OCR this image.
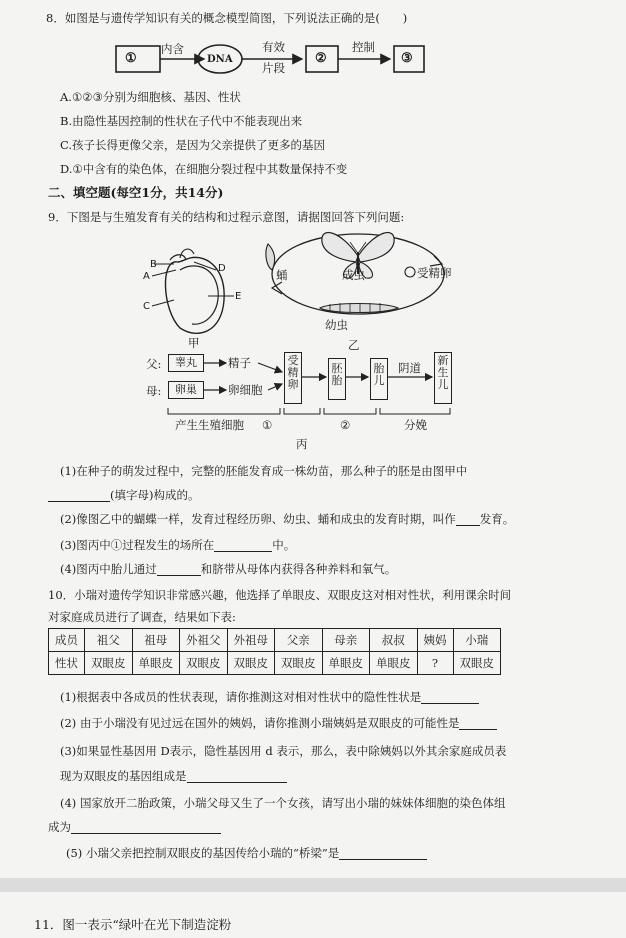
8．如图是与遗传学知识有关的概念模型简图，下列说法正确的是(　　)
①
内含
DNA
有效
片段
②
控制
③
A.①②③分别为细胞核、基因、性状
B.由隐性基因控制的性状在子代中不能表现出来
C.孩子长得更像父亲，是因为父亲提供了更多的基因
D.①中含有的染色体，在细胞分裂过程中其数量保持不变
二、填空题(每空1分，共14分)
9．下图是与生殖发育有关的结构和过程示意图，请据图回答下列问题:
B
A
C
D
E
甲
蛹	成虫	受精卵
幼虫
乙
父:
母:
睾丸
卵巢
精子
卵细胞
受精卵
胚胎
胎儿
阴道
新生儿
产生生殖细胞 ①	②	分娩
丙
(1)在种子的萌发过程中，完整的胚能发育成一株幼苗，那么种子的胚是由图甲中
(填字母)构成的。
(2)像图乙中的蝴蝶一样，发育过程经历卵、幼虫、蛹和成虫的发育时期，叫作 发育。
(3)图丙中①过程发生的场所在	中。
(4)图丙中胎儿通过	和脐带从母体内获得各种养料和氧气。
10．小瑞对遗传学知识非常感兴趣，他选择了单眼皮、双眼皮这对相对性状，利用课余时间
对家庭成员进行了调查，结果如下表:
成员	祖父	祖母	外祖父	外祖母	父亲	母亲	叔叔	姨妈	小瑞
性状	双眼皮	单眼皮	双眼皮	双眼皮	双眼皮	单眼皮	单眼皮	?	双眼皮
(1)根据表中各成员的性状表现，请你推测这对相对性状中的隐性性状是
(2) 由于小瑞没有见过远在国外的姨妈，请你推测小瑞姨妈是双眼皮的可能性是
(3)如果显性基因用 D表示，隐性基因用 d 表示，那么，表中除姨妈以外其余家庭成员表
现为双眼皮的基因组成是
(4) 国家放开二胎政策，小瑞父母又生了一个女孩，请写出小瑞的妹妹体细胞的染色体组
成为
(5) 小瑞父亲把控制双眼皮的基因传给小瑞的“桥梁”是
11．图一表示“绿叶在光下制造淀粉
